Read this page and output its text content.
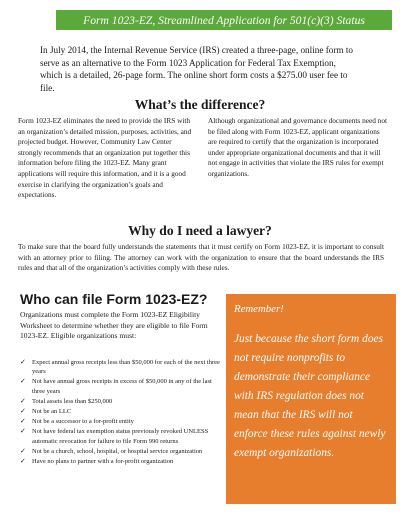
Form 1023-EZ, Streamlined Application for 501(c)(3) Status

In July 2014, the Internal Revenue Service (IRS) created a three-page, online form to serve as an alternative to the Form 1023 Application for Federal Tax Exemption, which is a detailed, 26-page form. The online short form costs a $275.00 user fee to file.

What’s the difference?

Form 1023-EZ eliminates the need to provide the IRS with an organization’s detailed mission, purposes, activities, and projected budget. However, Community Law Center strongly recommends that an organization put together this information before filing the 1023-EZ. Many grant applications will require this information, and it is a good exercise in clarifying the organization’s goals and expectations.

Although organizational and governance documents need not be filed along with Form 1023-EZ, applicant organizations are required to certify that the organization is incorporated under appropriate organizational documents and that it will not engage in activities that violate the IRS rules for exempt organizations.

Why do I need a lawyer?

To make sure that the board fully understands the statements that it must certify on Form 1023-EZ, it is important to consult with an attorney prior to filing. The attorney can work with the organization to ensure that the board understands the IRS rules and that all of the organization’s activities comply with these rules.

Who can file Form 1023-EZ?

Organizations must complete the Form 1023-EZ Eligibility Worksheet to determine whether they are eligible to file Form 1023-EZ. Eligible organizations must:

✓ Expect annual gross receipts less than $50,000 for each of the next three years
✓ Not have annual gross receipts in excess of $50,000 in any of the last three years
✓ Total assets less than $250,000
✓ Not be an LLC
✓ Not be a successor to a for-profit entity
✓ Not have federal tax exemption status previously revoked UNLESS automatic revocation for failure to file Form 990 returns
✓ Not be a church, school, hospital, or hospital service organization
✓ Have no plans to partner with a for-profit organization

Remember!

Just because the short form does not require nonprofits to demonstrate their compliance with IRS regulation does not mean that the IRS will not enforce these rules against newly exempt organizations.
